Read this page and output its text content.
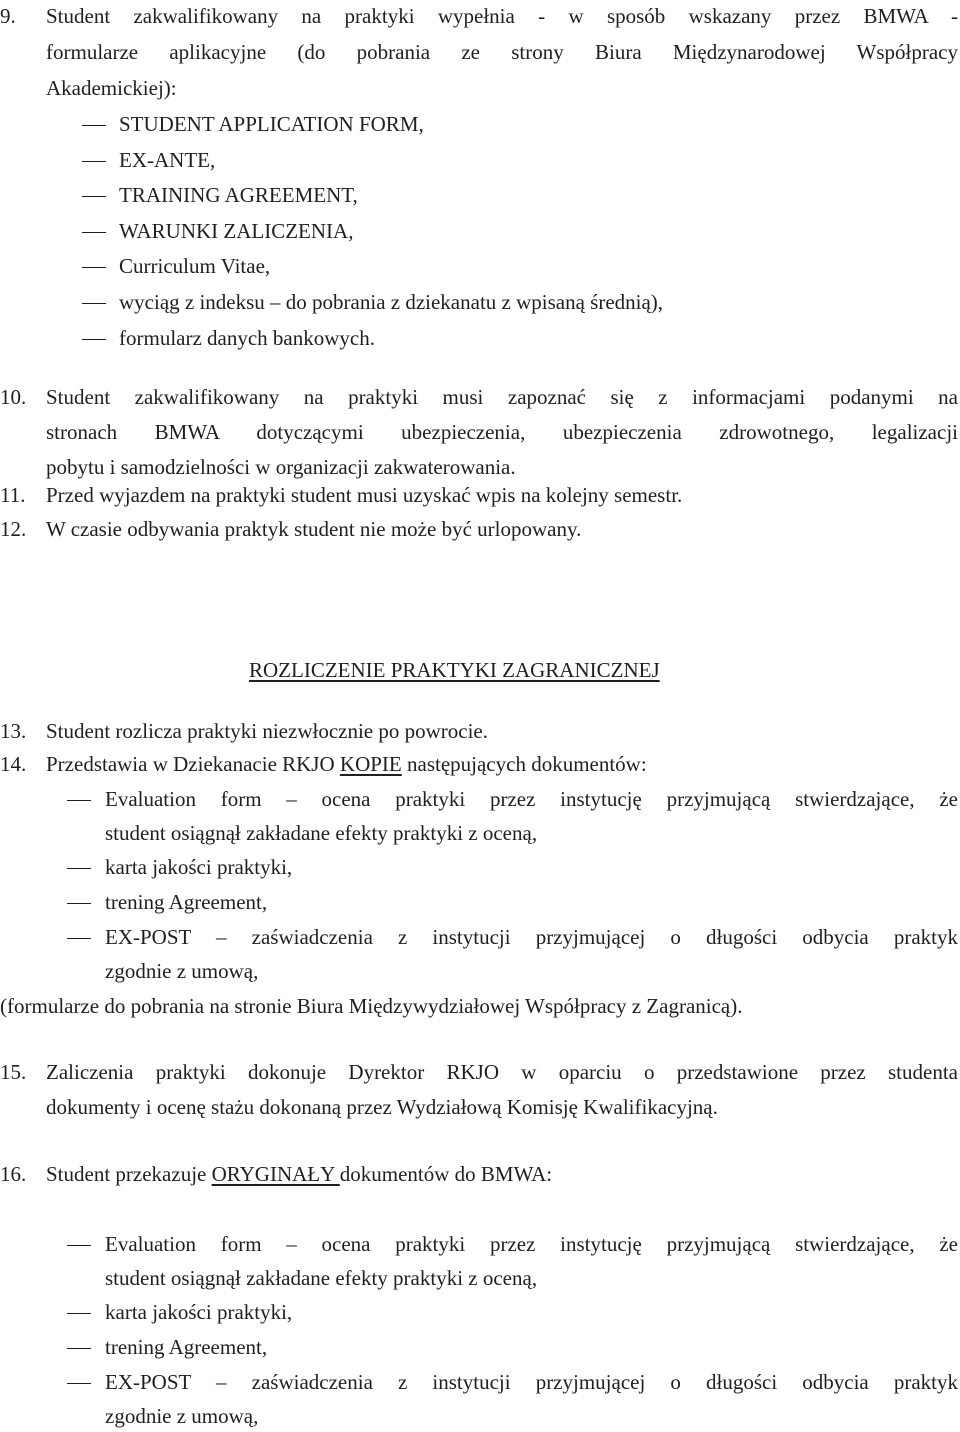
9. Student zakwalifikowany na praktyki wypełnia - w sposób wskazany przez BMWA -
formularze aplikacyjne (do pobrania ze strony Biura Międzynarodowej Współpracy
Akademickiej):
STUDENT APPLICATION FORM,
EX-ANTE,
TRAINING AGREEMENT,
WARUNKI ZALICZENIA,
Curriculum Vitae,
wyciąg z indeksu – do pobrania z dziekanatu z wpisaną średnią),
formularz danych bankowych.
10. Student zakwalifikowany na praktyki musi zapoznać się z informacjami podanymi na
stronach BMWA dotyczącymi ubezpieczenia, ubezpieczenia zdrowotnego, legalizacji
pobytu i samodzielności w organizacji zakwaterowania.
11. Przed wyjazdem na praktyki student musi uzyskać wpis na kolejny semestr.
12. W czasie odbywania praktyk student nie może być urlopowany.
ROZLICZENIE PRAKTYKI ZAGRANICZNEJ
13. Student rozlicza praktyki niezwłocznie po powrocie.
14. Przedstawia w Dziekanacie RKJO KOPIE następujących dokumentów:
Evaluation form – ocena praktyki przez instytucję przyjmującą stwierdzające, że
student osiągnął zakładane efekty praktyki z oceną,
karta jakości praktyki,
trening Agreement,
EX-POST – zaświadczenia z instytucji przyjmującej o długości odbycia praktyk
zgodnie z umową,
(formularze do pobrania na stronie Biura Międzywydziałowej Współpracy z Zagranicą).
15. Zaliczenia praktyki dokonuje Dyrektor RKJO w oparciu o przedstawione przez studenta
dokumenty i ocenę stażu dokonaną przez Wydziałową Komisję Kwalifikacyjną.
16. Student przekazuje ORYGINAŁY dokumentów do BMWA:
Evaluation form – ocena praktyki przez instytucję przyjmującą stwierdzające, że
student osiągnął zakładane efekty praktyki z oceną,
karta jakości praktyki,
trening Agreement,
EX-POST – zaświadczenia z instytucji przyjmującej o długości odbycia praktyk
zgodnie z umową,
